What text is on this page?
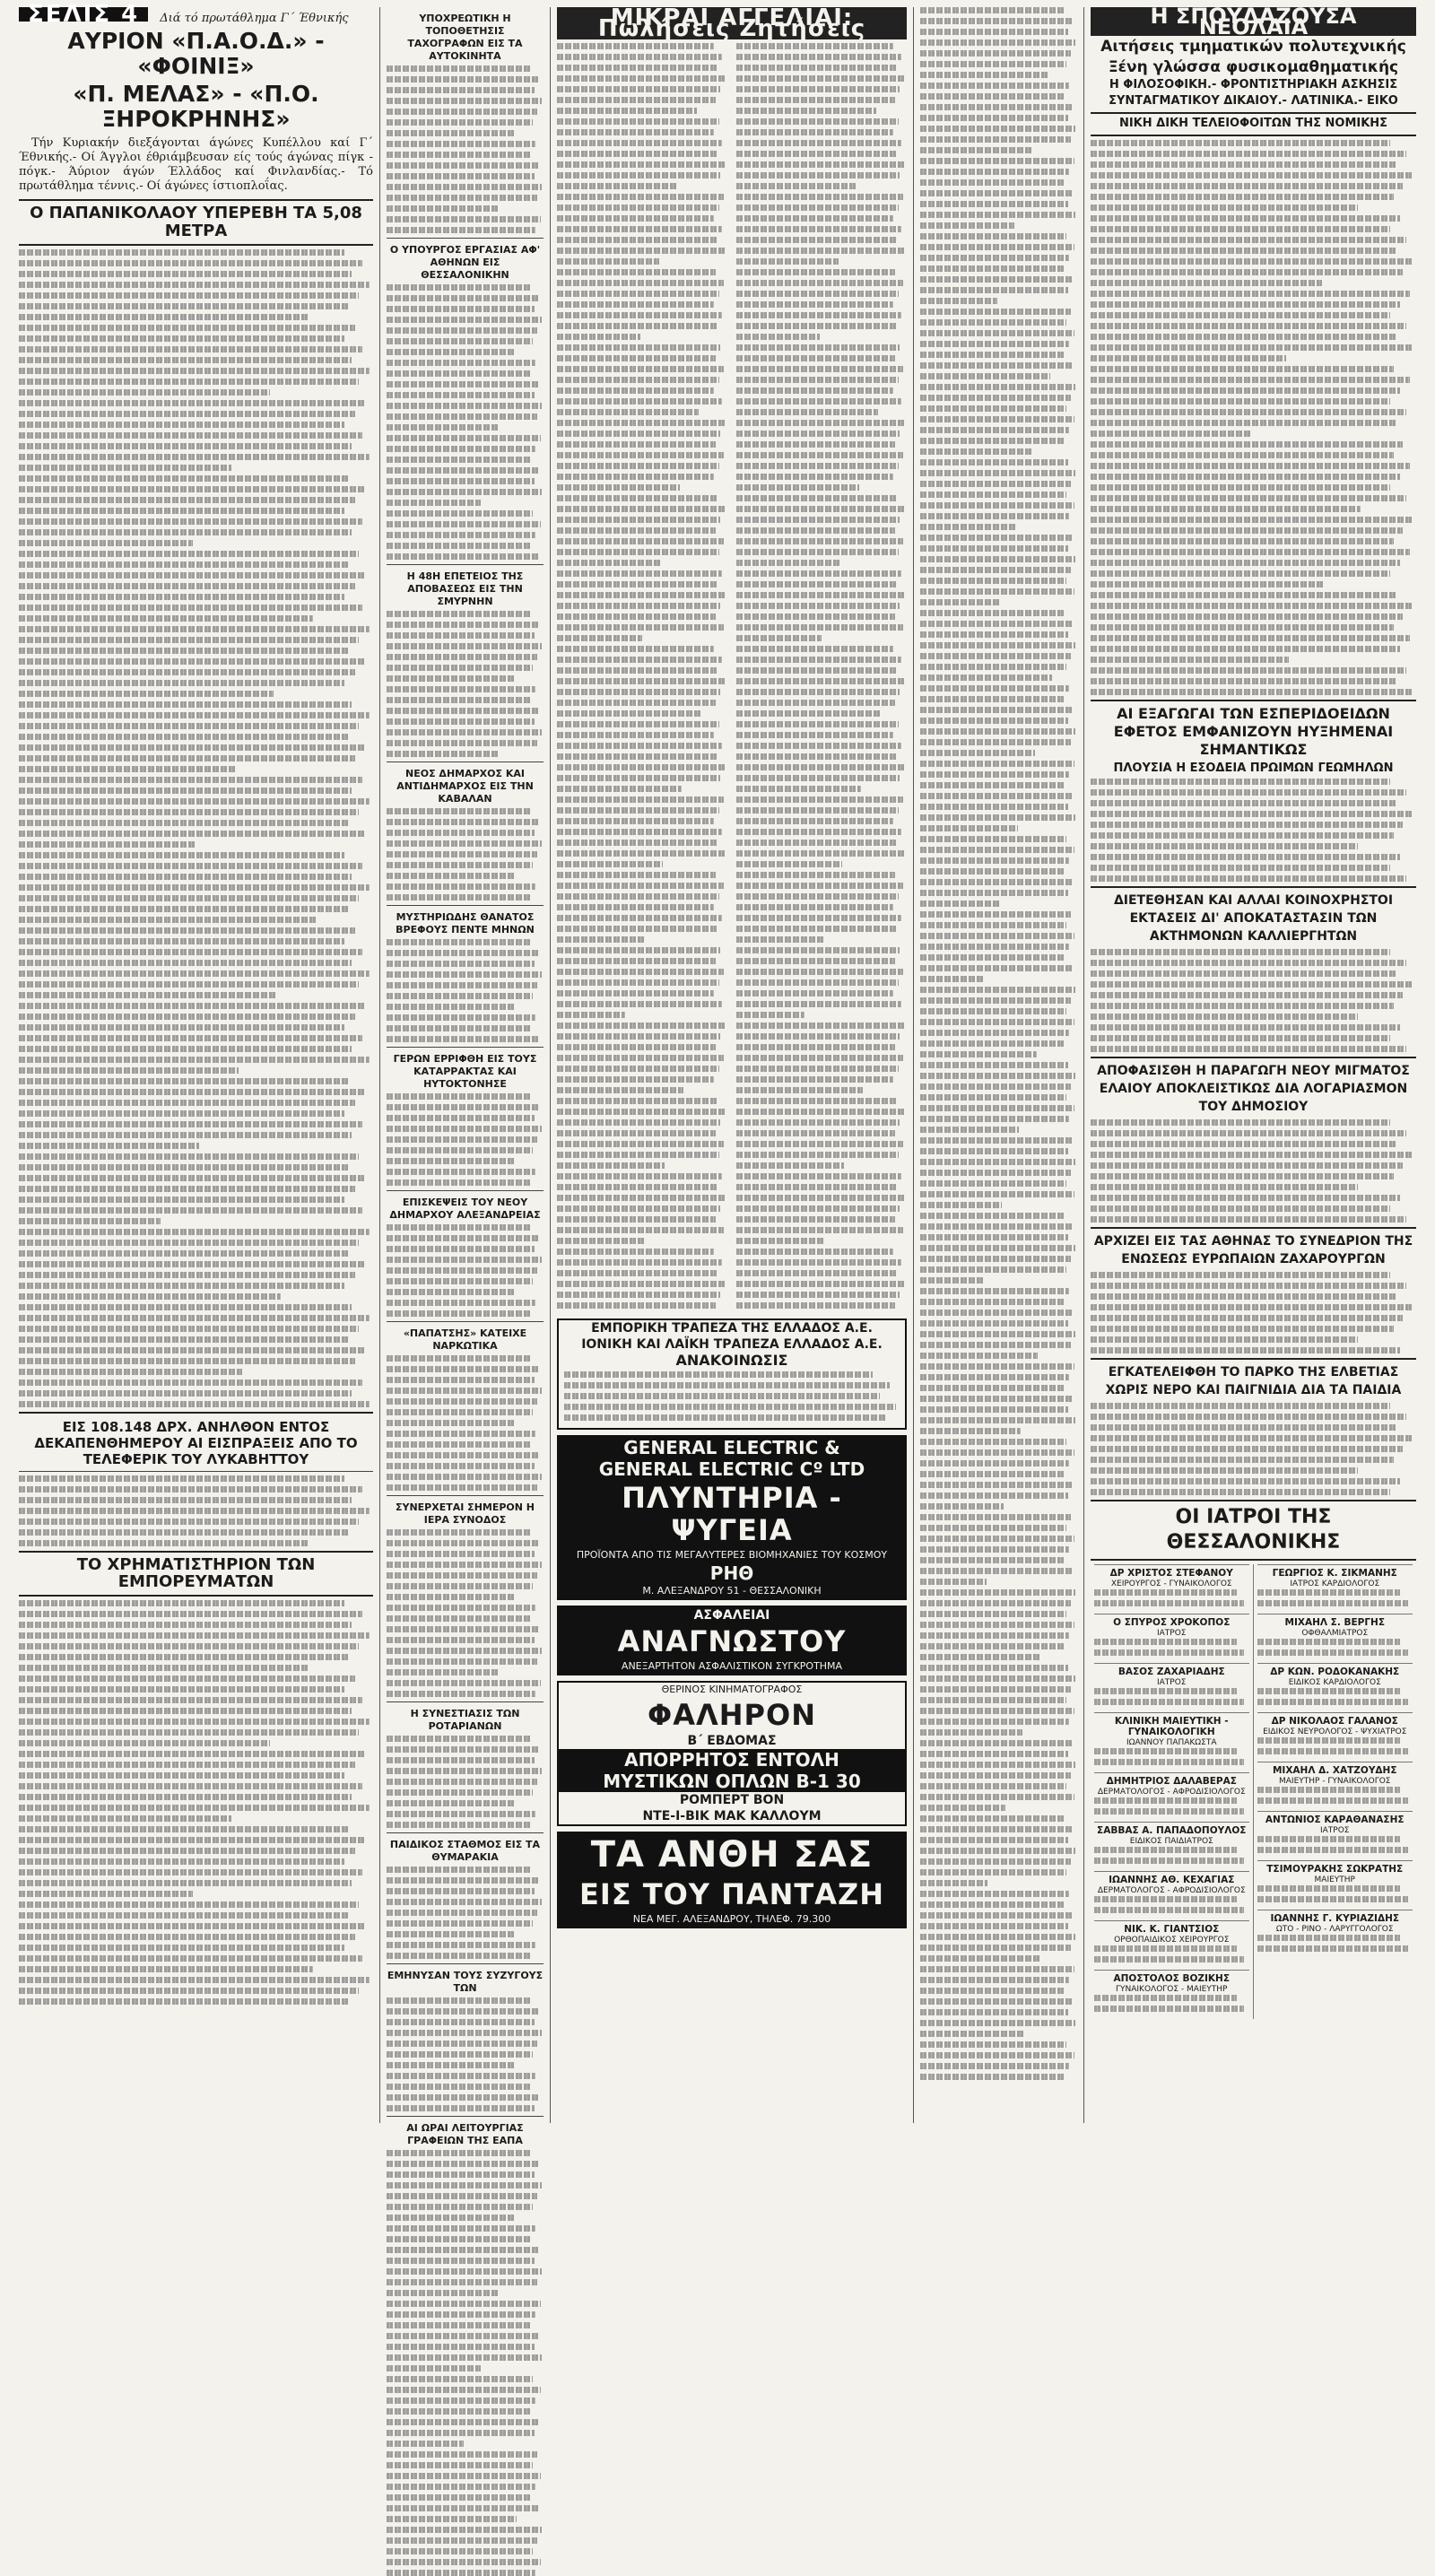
ΣΕΛΙΣ 4 Διά τό πρωτάθλημα Γ΄ Έθνικής
ΑΥΡΙΟΝ «Π.Α.Ο.Δ.» - «ΦΟΙΝΙΞ»
«Π. ΜΕΛΑΣ» - «Π.Ο. ΞΗΡΟΚΡΗΝΗΣ»
Τήν Κυριακήν διεξάγονται άγώνες Κυπέλλου καί Γ΄ Έθνικής.- Οί Άγγλοι έθριάμβευσαν είς τούς άγώνας πίγκ - πόγκ.- Άύριον άγών Έλλάδος καί Φινλανδίας.- Τό πρωτάθλημα τέννις.- Οί άγώνες ίστιοπλοΐας.
Ο ΠΑΠΑΝΙΚΟΛΑΟΥ ΥΠΕΡΕΒΗ ΤΑ 5,08 ΜΕΤΡΑ
ΕΙΣ 108.148 ΔΡΧ. ΑΝΗΛΘΟΝ ΕΝΤΟΣ ΔΕΚΑΠΕΝΘΗΜΕΡΟΥ ΑΙ ΕΙΣΠΡΑΞΕΙΣ ΑΠΟ ΤΟ ΤΕΛΕΦΕΡΙΚ ΤΟΥ ΛΥΚΑΒΗΤΤΟΥ
ΤΟ ΧΡΗΜΑΤΙΣΤΗΡΙΟΝ ΤΩΝ ΕΜΠΟΡΕΥΜΑΤΩΝ
ΥΠΟΧΡΕΩΤΙΚΗ Η ΤΟΠΟΘΕΤΗΣΙΣ ΤΑΧΟΓΡΑΦΩΝ ΕΙΣ ΤΑ ΑΥΤΟΚΙΝΗΤΑ
Ο ΥΠΟΥΡΓΟΣ ΕΡΓΑΣΙΑΣ ΑΦ' ΑΘΗΝΩΝ ΕΙΣ ΘΕΣΣΑΛΟΝΙΚΗΝ
Η 48Η ΕΠΕΤΕΙΟΣ ΤΗΣ ΑΠΟΒΑΣΕΩΣ ΕΙΣ ΤΗΝ ΣΜΥΡΝΗΝ
ΝΕΟΣ ΔΗΜΑΡΧΟΣ ΚΑΙ ΑΝΤΙΔΗΜΑΡΧΟΣ ΕΙΣ ΤΗΝ ΚΑΒΑΛΑΝ
ΜΥΣΤΗΡΙΩΔΗΣ ΘΑΝΑΤΟΣ ΒΡΕΦΟΥΣ ΠΕΝΤΕ ΜΗΝΩΝ
ΓΕΡΩΝ ΕΡΡΙΦΘΗ ΕΙΣ ΤΟΥΣ ΚΑΤΑΡΡΑΚΤΑΣ ΚΑΙ ΗΥΤΟΚΤΟΝΗΣΕ
ΕΠΙΣΚΕΨΕΙΣ ΤΟΥ ΝΕΟΥ ΔΗΜΑΡΧΟΥ ΑΛΕΞΑΝΔΡΕΙΑΣ
«ΠΑΠΑΤΣΗΣ» ΚΑΤΕΙΧΕ ΝΑΡΚΩΤΙΚΑ
ΣΥΝΕΡΧΕΤΑΙ ΣΗΜΕΡΟΝ Η ΙΕΡΑ ΣΥΝΟΔΟΣ
Η ΣΥΝΕΣΤΙΑΣΙΣ ΤΩΝ ΡΟΤΑΡΙΑΝΩΝ
ΠΑΙΔΙΚΟΣ ΣΤΑΘΜΟΣ ΕΙΣ ΤΑ ΘΥΜΑΡΑΚΙΑ
ΕΜΗΝΥΣΑΝ ΤΟΥΣ ΣΥΖΥΓΟΥΣ ΤΩΝ
ΑΙ ΩΡΑΙ ΛΕΙΤΟΥΡΓΙΑΣ ΓΡΑΦΕΙΩΝ ΤΗΣ ΕΑΠΑ
ΜΙΚΡΑΙ ΑΓΓΕΛΙΑΙ: Πωλήσεις Ζητήσεις
ΕΜΠΟΡΙΚΗ ΤΡΑΠΕΖΑ ΤΗΣ ΕΛΛΑΔΟΣ Α.Ε.
ΙΟΝΙΚΗ ΚΑΙ ΛΑΪΚΗ ΤΡΑΠΕΖΑ ΕΛΛΑΔΟΣ Α.Ε.
ΑΝΑΚΟΙΝΩΣΙΣ
GENERAL ELECTRIC &
GENERAL ELECTRIC Cº LTD
ΠΛΥΝΤΗΡΙΑ - ΨΥΓΕΙΑ
ΠΡΟΪΟΝΤΑ ΑΠΟ ΤΙΣ ΜΕΓΑΛΥΤΕΡΕΣ ΒΙΟΜΗΧΑΝΙΕΣ ΤΟΥ ΚΟΣΜΟΥ
ΡΗΘ
Μ. ΑΛΕΞΑΝΔΡΟΥ 51 - ΘΕΣΣΑΛΟΝΙΚΗ
ΑΣΦΑΛΕΙΑΙ
ΑΝΑΓΝΩΣΤΟΥ
ΑΝΕΞΑΡΤΗΤΟΝ ΑΣΦΑΛΙΣΤΙΚΟΝ ΣΥΓΚΡΟΤΗΜΑ
ΘΕΡΙΝΟΣ ΚΙΝΗΜΑΤΟΓΡΑΦΟΣ
ΦΑΛΗΡΟΝ
Β΄ ΕΒΔΟΜΑΣ
ΑΠΟΡΡΗΤΟΣ ΕΝΤΟΛΗ
ΜΥΣΤΙΚΩΝ ΟΠΛΩΝ Β-1 30
ΡΟΜΠΕΡΤ ΒΟΝ
ΝΤΕ-Ι-ΒΙΚ ΜΑΚ ΚΑΛΛΟΥΜ
ΤΑ ΑΝΘΗ ΣΑΣ
ΕΙΣ ΤΟΥ ΠΑΝΤΑΖΗ
ΝΕΑ ΜΕΓ. ΑΛΕΞΑΝΔΡΟΥ, ΤΗΛΕΦ. 79.300
Η ΣΠΟΥΔΑΖΟΥΣΑ ΝΕΟΛΑΙΑ
Αιτήσεις τμηματικών πολυτεχνικής
Ξένη γλώσσα φυσικομαθηματικής
Η ΦΙΛΟΣΟΦΙΚΗ.- ΦΡΟΝΤΙΣΤΗΡΙΑΚΗ ΑΣΚΗΣΙΣ
ΣΥΝΤΑΓΜΑΤΙΚΟΥ ΔΙΚΑΙΟΥ.- ΛΑΤΙΝΙΚΑ.- ΕΙΚΟ
ΝΙΚΗ ΔΙΚΗ ΤΕΛΕΙΟΦΟΙΤΩΝ ΤΗΣ ΝΟΜΙΚΗΣ
ΑΙ ΕΞΑΓΩΓΑΙ ΤΩΝ ΕΣΠΕΡΙΔΟΕΙΔΩΝ ΕΦΕΤΟΣ ΕΜΦΑΝΙΖΟΥΝ ΗΥΞΗΜΕΝΑΙ ΣΗΜΑΝΤΙΚΩΣ
ΠΛΟΥΣΙΑ Η ΕΣΟΔΕΙΑ ΠΡΩΙΜΩΝ ΓΕΩΜΗΛΩΝ
ΔΙΕΤΕΘΗΣΑΝ ΚΑΙ ΑΛΛΑΙ ΚΟΙΝΟΧΡΗΣΤΟΙ ΕΚΤΑΣΕΙΣ ΔΙ' ΑΠΟΚΑΤΑΣΤΑΣΙΝ ΤΩΝ ΑΚΤΗΜΟΝΩΝ ΚΑΛΛΙΕΡΓΗΤΩΝ
ΑΠΟΦΑΣΙΣΘΗ Η ΠΑΡΑΓΩΓΗ ΝΕΟΥ ΜΙΓΜΑΤΟΣ ΕΛΑΙΟΥ ΑΠΟΚΛΕΙΣΤΙΚΩΣ ΔΙΑ ΛΟΓΑΡΙΑΣΜΟΝ ΤΟΥ ΔΗΜΟΣΙΟΥ
ΑΡΧΙΖΕΙ ΕΙΣ ΤΑΣ ΑΘΗΝΑΣ ΤΟ ΣΥΝΕΔΡΙΟΝ ΤΗΣ ΕΝΩΣΕΩΣ ΕΥΡΩΠΑΙΩΝ ΖΑΧΑΡΟΥΡΓΩΝ
ΕΓΚΑΤΕΛΕΙΦΘΗ ΤΟ ΠΑΡΚΟ ΤΗΣ ΕΛΒΕΤΙΑΣ ΧΩΡΙΣ ΝΕΡΟ ΚΑΙ ΠΑΙΓΝΙΔΙΑ ΔΙΑ ΤΑ ΠΑΙΔΙΑ
ΟΙ ΙΑΤΡΟΙ ΤΗΣ ΘΕΣΣΑΛΟΝΙΚΗΣ
ΔΡ ΧΡΙΣΤΟΣ ΣΤΕΦΑΝΟΥ
ΧΕΙΡΟΥΡΓΟΣ - ΓΥΝΑΙΚΟΛΟΓΟΣ
Ο ΣΠΥΡΟΣ ΧΡΟΚΟΠΟΣ
ΙΑΤΡΟΣ
ΒΑΣΟΣ ΖΑΧΑΡΙΑΔΗΣ
ΙΑΤΡΟΣ
ΚΛΙΝΙΚΗ ΜΑΙΕΥΤΙΚΗ - ΓΥΝΑΙΚΟΛΟΓΙΚΗ
ΙΩΑΝΝΟΥ ΠΑΠΑΚΩΣΤΑ
ΔΗΜΗΤΡΙΟΣ ΔΑΛΑΒΕΡΑΣ
ΔΕΡΜΑΤΟΛΟΓΟΣ - ΑΦΡΟΔΙΣΙΟΛΟΓΟΣ
ΣΑΒΒΑΣ Α. ΠΑΠΑΔΟΠΟΥΛΟΣ
ΕΙΔΙΚΟΣ ΠΑΙΔΙΑΤΡΟΣ
ΙΩΑΝΝΗΣ ΑΘ. ΚΕΧΑΓΙΑΣ
ΔΕΡΜΑΤΟΛΟΓΟΣ - ΑΦΡΟΔΙΣΙΟΛΟΓΟΣ
ΝΙΚ. Κ. ΓΙΑΝΤΣΙΟΣ
ΟΡΘΟΠΑΙΔΙΚΟΣ ΧΕΙΡΟΥΡΓΟΣ
ΑΠΟΣΤΟΛΟΣ ΒΟΖΙΚΗΣ
ΓΥΝΑΙΚΟΛΟΓΟΣ - ΜΑΙΕΥΤΗΡ
ΓΕΩΡΓΙΟΣ Κ. ΣΙΚΜΑΝΗΣ
ΙΑΤΡΟΣ ΚΑΡΔΙΟΛΟΓΟΣ
ΜΙΧΑΗΛ Σ. ΒΕΡΓΗΣ
ΟΦΘΑΛΜΙΑΤΡΟΣ
ΔΡ ΚΩΝ. ΡΟΔΟΚΑΝΑΚΗΣ
ΕΙΔΙΚΟΣ ΚΑΡΔΙΟΛΟΓΟΣ
ΔΡ ΝΙΚΟΛΑΟΣ ΓΑΛΑΝΟΣ
ΕΙΔΙΚΟΣ ΝΕΥΡΟΛΟΓΟΣ - ΨΥΧΙΑΤΡΟΣ
ΜΙΧΑΗΛ Δ. ΧΑΤΖΟΥΔΗΣ
ΜΑΙΕΥΤΗΡ - ΓΥΝΑΙΚΟΛΟΓΟΣ
ΑΝΤΩΝΙΟΣ ΚΑΡΑΘΑΝΑΣΗΣ
ΙΑΤΡΟΣ
ΤΣΙΜΟΥΡΑΚΗΣ ΣΩΚΡΑΤΗΣ
ΜΑΙΕΥΤΗΡ
ΙΩΑΝΝΗΣ Γ. ΚΥΡΙΑΖΙΔΗΣ
ΩΤΟ - ΡΙΝΟ - ΛΑΡΥΓΓΟΛΟΓΟΣ
